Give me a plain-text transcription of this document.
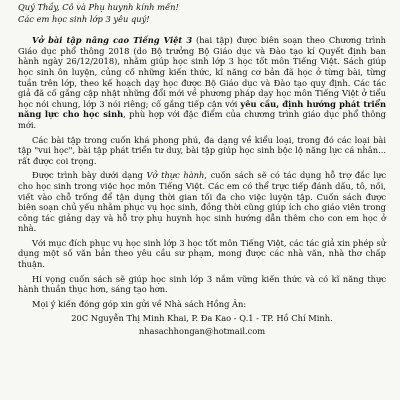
Quý Thầy, Cô và Phụ huynh kính mến!

Các em học sinh lớp 3 yêu quý!

Vở bài tập nâng cao Tiếng Việt 3 (hai tập) được biên soạn theo Chương trình Giáo dục phổ thông 2018 (do Bộ trưởng Bộ Giáo dục và Đào tạo kí Quyết định ban hành ngày 26/12/2018), nhằm giúp học sinh lớp 3 học tốt môn Tiếng Việt. Sách giúp học sinh ôn luyện, củng cố những kiến thức, kĩ năng cơ bản đã học ở từng bài, từng tuần trên lớp, theo kế hoạch dạy học được Bộ Giáo dục và Đào tạo quy định. Các tác giả đã cố gắng cập nhật những đổi mới về phương pháp dạy học môn Tiếng Việt ở tiểu học nói chung, lớp 3 nói riêng; cố gắng tiếp cận với yêu cầu, định hướng phát triển năng lực cho học sinh, phù hợp với đặc điểm của chương trình giáo dục phổ thông mới.

Các bài tập trong cuốn khá phong phú, đa dạng về kiểu loại, trong đó các loại bài tập "vui học", bài tập phát triển tư duy, bài tập giúp học sinh bộc lộ năng lực cá nhân... rất được coi trọng.

Được trình bày dưới dạng Vở thực hành, cuốn sách sẽ có tác dụng hỗ trợ đắc lực cho học sinh trong việc học môn Tiếng Việt. Các em có thể trực tiếp đánh dấu, tô, nối, viết vào chỗ trống để tận dụng thời gian tối đa cho việc luyện tập. Cuốn sách được biên soạn chủ yếu nhằm phục vụ học sinh, đồng thời cũng giúp ích cho giáo viên trong công tác giảng dạy và hỗ trợ phụ huynh học sinh hướng dẫn thêm cho con em học ở nhà.

Với mục đích phục vụ học sinh lớp 3 học tốt môn Tiếng Việt, các tác giả xin phép sử dụng một số văn bản theo yêu cầu sư phạm, mong được các nhà văn, nhà thơ chấp thuận.

Hi vọng cuốn sách sẽ giúp học sinh lớp 3 nắm vững kiến thức và có kĩ năng thực hành thuần thục hơn, sáng tạo hơn.

Mọi ý kiến đóng góp xin gửi về Nhà sách Hồng Ân:

20C Nguyễn Thị Minh Khai, P. Đa Kao - Q.1 - TP. Hồ Chí Minh.

nhasachhongan@hotmail.com
